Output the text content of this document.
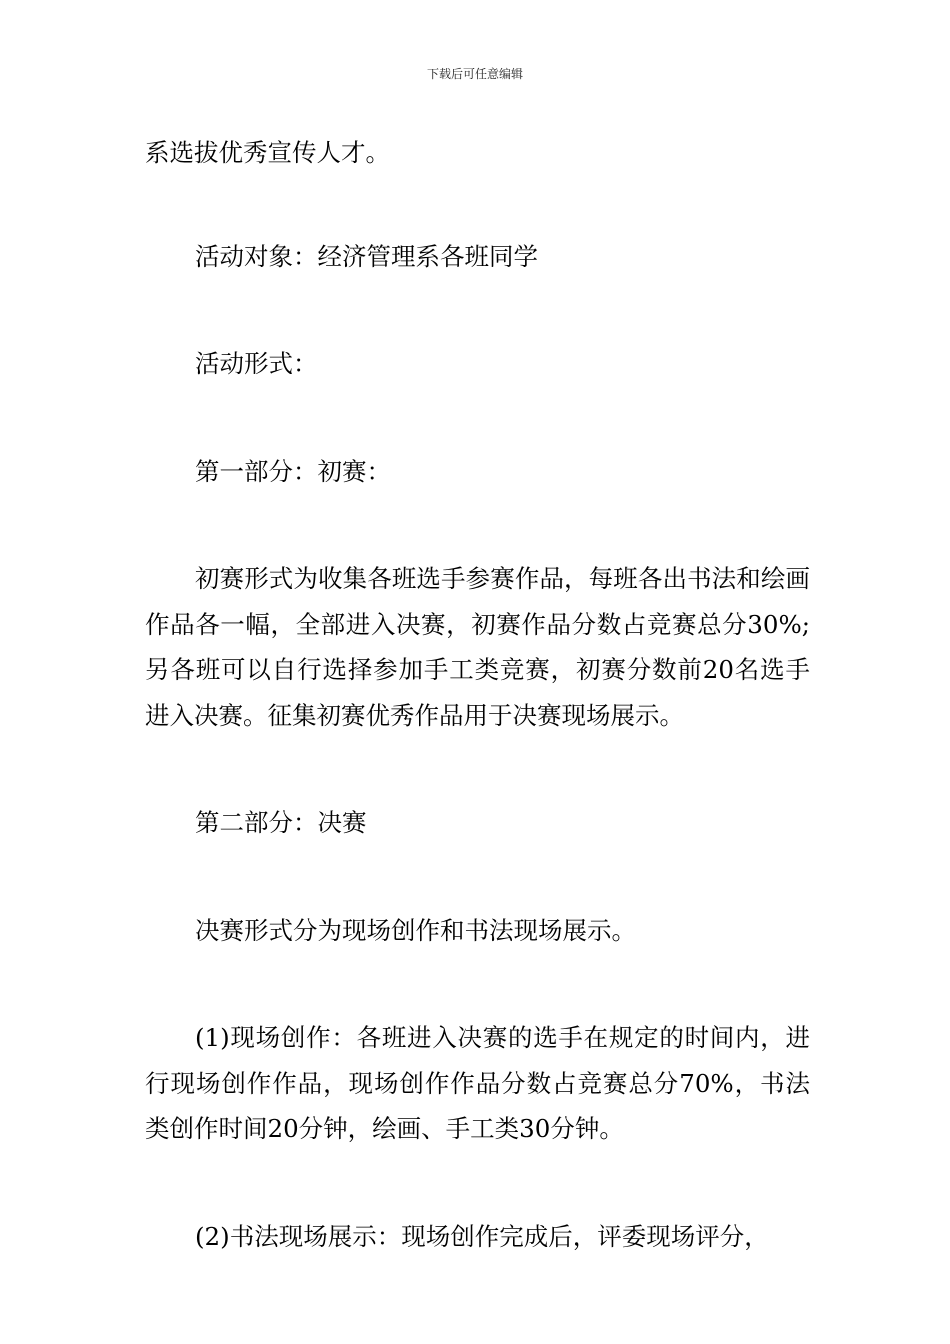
下载后可任意编辑

系选拔优秀宣传人才。

活动对象：经济管理系各班同学

活动形式：

第一部分：初赛：

初赛形式为收集各班选手参赛作品，每班各出书法和绘画作品各一幅，全部进入决赛，初赛作品分数占竞赛总分30%;另各班可以自行选择参加手工类竞赛，初赛分数前20名选手进入决赛。征集初赛优秀作品用于决赛现场展示。

第二部分：决赛

决赛形式分为现场创作和书法现场展示。

(1)现场创作：各班进入决赛的选手在规定的时间内，进行现场创作作品，现场创作作品分数占竞赛总分70%，书法类创作时间20分钟，绘画、手工类30分钟。

(2)书法现场展示：现场创作完成后，评委现场评分，
